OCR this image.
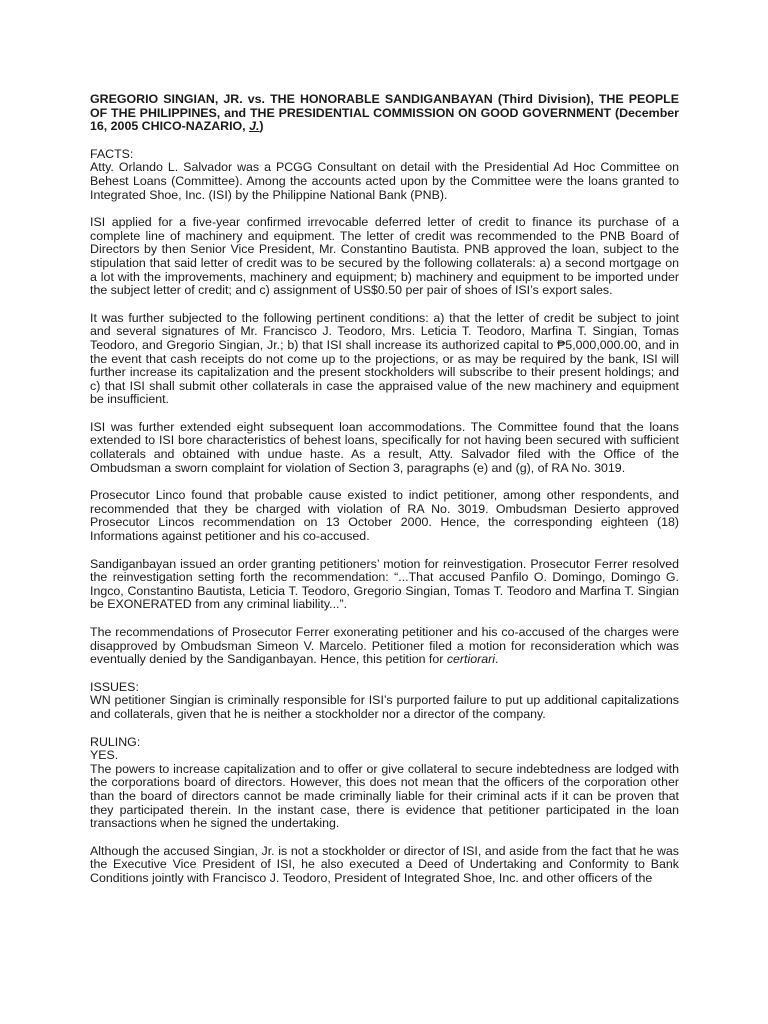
GREGORIO SINGIAN, JR. vs. THE HONORABLE SANDIGANBAYAN (Third Division), THE PEOPLE OF THE PHILIPPINES, and THE PRESIDENTIAL COMMISSION ON GOOD GOVERNMENT (December 16, 2005 CHICO-NAZARIO, J.)
FACTS:

Atty. Orlando L. Salvador was a PCGG Consultant on detail with the Presidential Ad Hoc Committee on Behest Loans (Committee). Among the accounts acted upon by the Committee were the loans granted to Integrated Shoe, Inc. (ISI) by the Philippine National Bank (PNB).

ISI applied for a five-year confirmed irrevocable deferred letter of credit to finance its purchase of a complete line of machinery and equipment. The letter of credit was recommended to the PNB Board of Directors by then Senior Vice President, Mr. Constantino Bautista. PNB approved the loan, subject to the stipulation that said letter of credit was to be secured by the following collaterals: a) a second mortgage on a lot with the improvements, machinery and equipment; b) machinery and equipment to be imported under the subject letter of credit; and c) assignment of US$0.50 per pair of shoes of ISI’s export sales.

It was further subjected to the following pertinent conditions: a) that the letter of credit be subject to joint and several signatures of Mr. Francisco J. Teodoro, Mrs. Leticia T. Teodoro, Marfina T. Singian, Tomas Teodoro, and Gregorio Singian, Jr.; b) that ISI shall increase its authorized capital to ₱5,000,000.00, and in the event that cash receipts do not come up to the projections, or as may be required by the bank, ISI will further increase its capitalization and the present stockholders will subscribe to their present holdings; and c) that ISI shall submit other collaterals in case the appraised value of the new machinery and equipment be insufficient.

ISI was further extended eight subsequent loan accommodations. The Committee found that the loans extended to ISI bore characteristics of behest loans, specifically for not having been secured with sufficient collaterals and obtained with undue haste. As a result, Atty. Salvador filed with the Office of the Ombudsman a sworn complaint for violation of Section 3, paragraphs (e) and (g), of RA No. 3019.

Prosecutor Linco found that probable cause existed to indict petitioner, among other respondents, and recommended that they be charged with violation of RA No. 3019. Ombudsman Desierto approved Prosecutor Lincos recommendation on 13 October 2000. Hence, the corresponding eighteen (18) Informations against petitioner and his co-accused.

Sandiganbayan issued an order granting petitioners’ motion for reinvestigation. Prosecutor Ferrer resolved the reinvestigation setting forth the recommendation: “...That accused Panfilo O. Domingo, Domingo G. Ingco, Constantino Bautista, Leticia T. Teodoro, Gregorio Singian, Tomas T. Teodoro and Marfina T. Singian be EXONERATED from any criminal liability...”.

The recommendations of Prosecutor Ferrer exonerating petitioner and his co-accused of the charges were disapproved by Ombudsman Simeon V. Marcelo. Petitioner filed a motion for reconsideration which was eventually denied by the Sandiganbayan. Hence, this petition for certiorari.

ISSUES:

WN petitioner Singian is criminally responsible for ISI’s purported failure to put up additional capitalizations and collaterals, given that he is neither a stockholder nor a director of the company.

RULING:
YES.

The powers to increase capitalization and to offer or give collateral to secure indebtedness are lodged with the corporations board of directors. However, this does not mean that the officers of the corporation other than the board of directors cannot be made criminally liable for their criminal acts if it can be proven that they participated therein. In the instant case, there is evidence that petitioner participated in the loan transactions when he signed the undertaking.

Although the accused Singian, Jr. is not a stockholder or director of ISI, and aside from the fact that he was the Executive Vice President of ISI, he also executed a Deed of Undertaking and Conformity to Bank Conditions jointly with Francisco J. Teodoro, President of Integrated Shoe, Inc. and other officers of the
